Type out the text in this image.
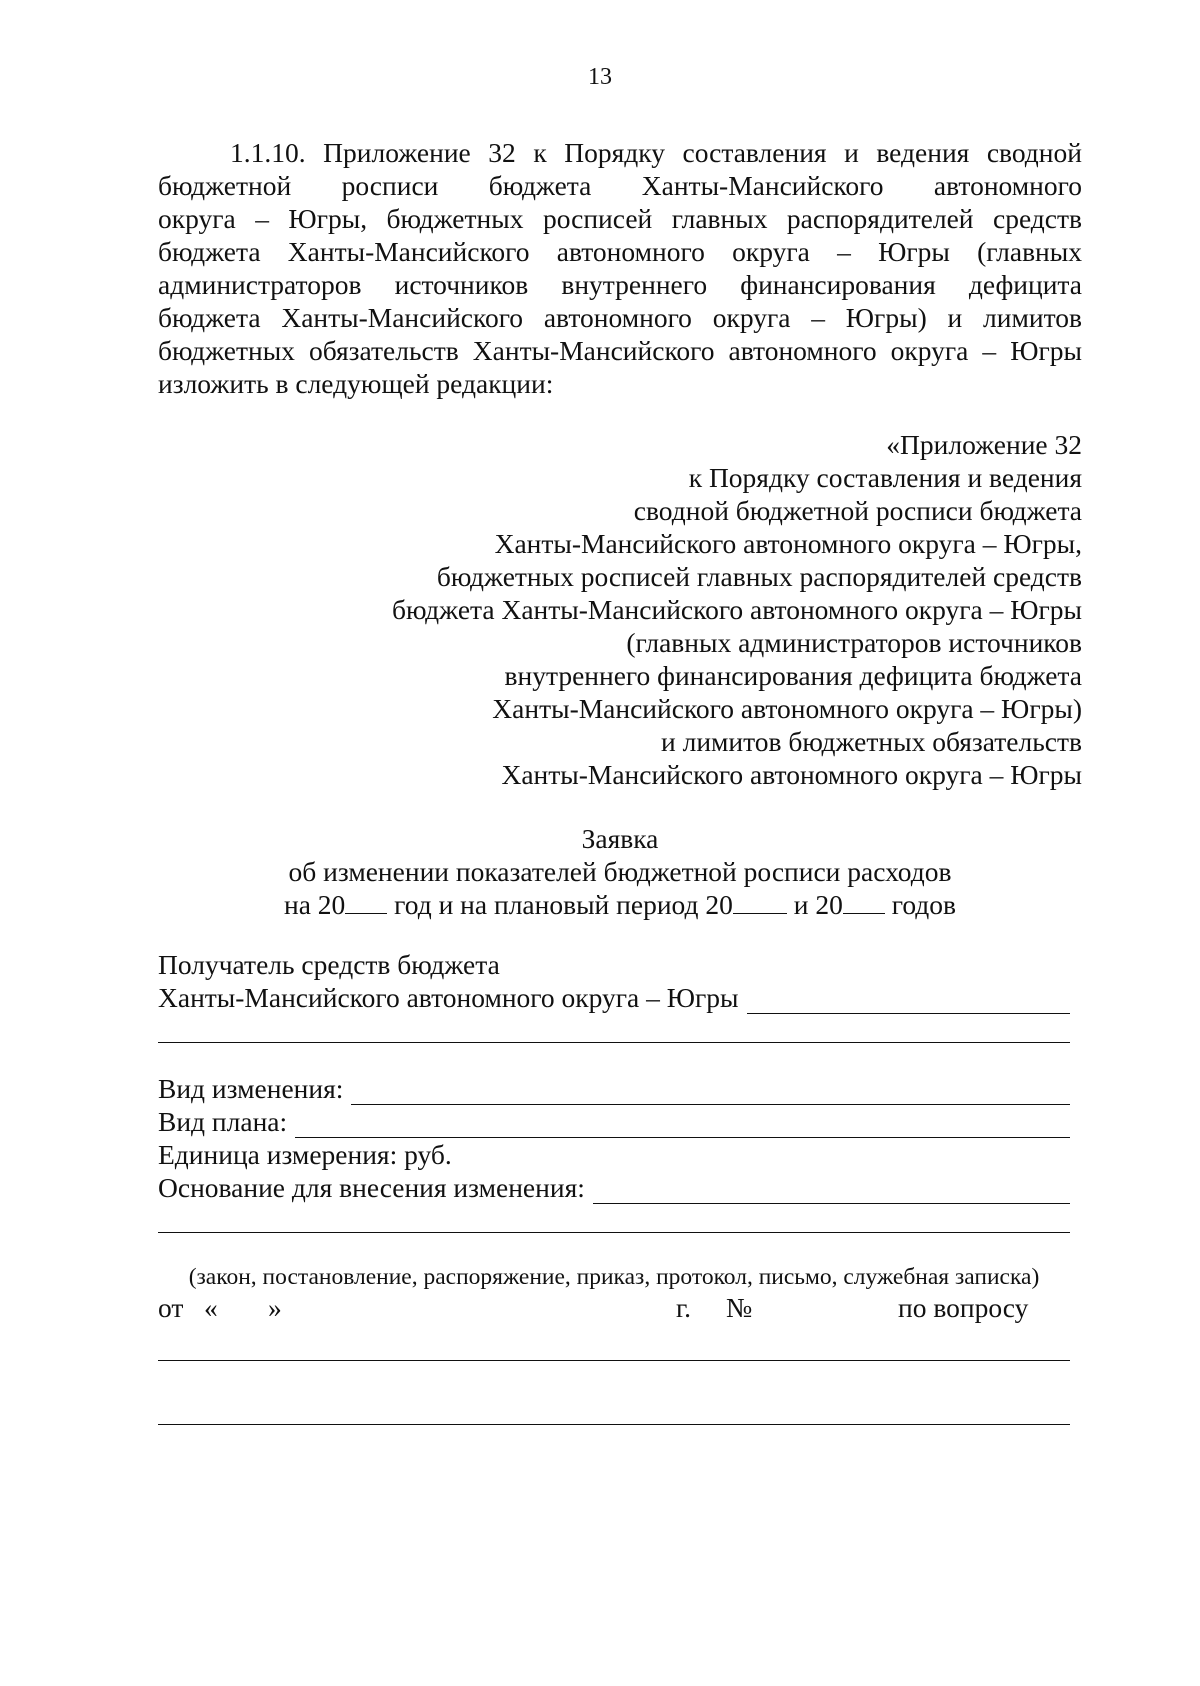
13
1.1.10. Приложение 32 к Порядку составления и ведения сводной
бюджетной росписи бюджета Ханты-Мансийского автономного
округа – Югры, бюджетных росписей главных распорядителей средств
бюджета Ханты-Мансийского автономного округа – Югры (главных
администраторов источников внутреннего финансирования дефицита
бюджета Ханты-Мансийского автономного округа – Югры) и лимитов
бюджетных обязательств Ханты-Мансийского автономного округа – Югры
изложить в следующей редакции:
«Приложение 32
к Порядку составления и ведения
сводной бюджетной росписи бюджета
Ханты-Мансийского автономного округа – Югры,
бюджетных росписей главных распорядителей средств
бюджета Ханты-Мансийского автономного округа – Югры
(главных администраторов источников
внутреннего финансирования дефицита бюджета
Ханты-Мансийского автономного округа – Югры)
и лимитов бюджетных обязательств
Ханты-Мансийского автономного округа – Югры
Заявка
об изменении показателей бюджетной росписи расходов
на 20 год и на плановый период 20 и 20 годов
Получатель средств бюджета
Ханты-Мансийского автономного округа – Югры
Вид изменения:
Вид плана:
Единица измерения: руб.
Основание для внесения изменения:
(закон, постановление, распоряжение, приказ, протокол, письмо, служебная записка)
от « »	г. №	по вопросу
